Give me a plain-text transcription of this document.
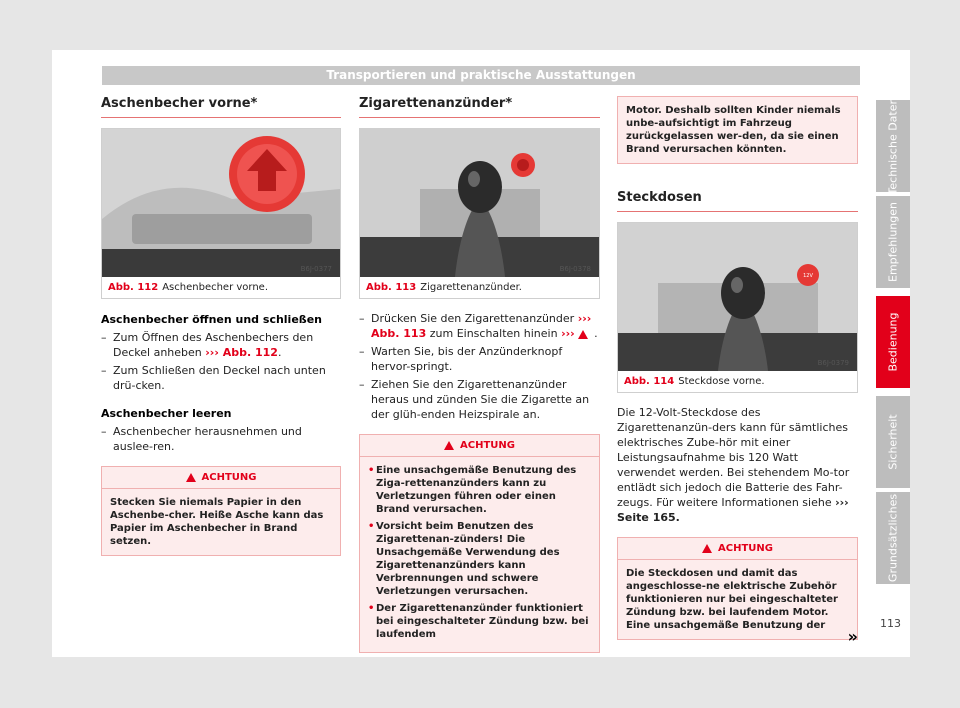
Transportieren und praktische Ausstattungen
Aschenbecher vorne*
B6J-0377
Abb. 112 Aschenbecher vorne.
Aschenbecher öffnen und schließen
– Zum Öffnen des Aschenbechers den Deckel anheben ››› Abb. 112.
– Zum Schließen den Deckel nach unten drü-cken.
Aschenbecher leeren
– Aschenbecher herausnehmen und auslee-ren.
ACHTUNG
Stecken Sie niemals Papier in den Aschenbe-cher. Heiße Asche kann das Papier im Aschenbecher in Brand setzen.
Zigarettenanzünder*
B6J-0378
Abb. 113 Zigarettenanzünder.
– Drücken Sie den Zigarettenanzünder ››› Abb. 113 zum Einschalten hinein ››› .
– Warten Sie, bis der Anzünderknopf hervor-springt.
– Ziehen Sie den Zigarettenanzünder heraus und zünden Sie die Zigarette an der glüh-enden Heizspirale an.
ACHTUNG
• Eine unsachgemäße Benutzung des Ziga-rettenanzünders kann zu Verletzungen führen oder einen Brand verursachen.
• Vorsicht beim Benutzen des Zigarettenan-zünders! Die Unsachgemäße Verwendung des Zigarettenanzünders kann Verbrennungen und schwere Verletzungen verursachen.
• Der Zigarettenanzünder funktioniert bei eingeschalteter Zündung bzw. bei laufendem
Motor. Deshalb sollten Kinder niemals unbe-aufsichtigt im Fahrzeug zurückgelassen wer-den, da sie einen Brand verursachen könnten.
Steckdosen
12V
B6J-0379
Abb. 114 Steckdose vorne.

Die 12-Volt-Steckdose des Zigarettenanzün-ders kann für sämtliches elektrisches Zube-hör mit einer Leistungsaufnahme bis 120 Watt verwendet werden. Bei stehendem Mo-tor entlädt sich jedoch die Batterie des Fahr-zeugs. Für weitere Informationen siehe ››› Seite 165.

ACHTUNG
Die Steckdosen und damit das angeschlosse-ne elektrische Zubehör funktionieren nur bei eingeschalteter Zündung bzw. bei laufendem Motor. Eine unsachgemäße Benutzung der
»
Technische Daten
Empfehlungen
Bedienung
Sicherheit
Grundsätzliches
113
